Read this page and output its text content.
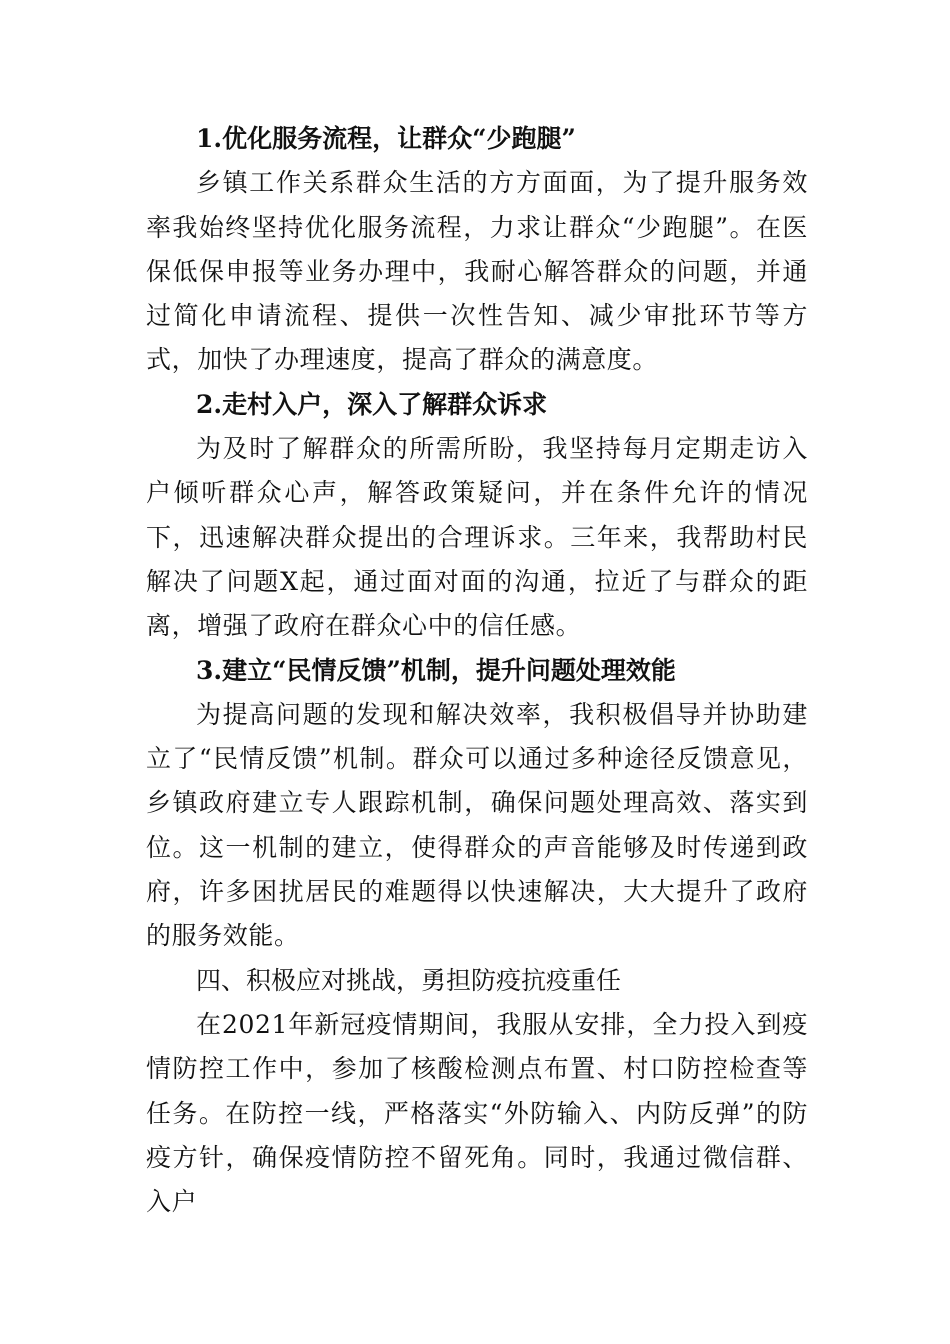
1.优化服务流程，让群众“少跑腿”

乡镇工作关系群众生活的方方面面，为了提升服务效率我始终坚持优化服务流程，力求让群众“少跑腿”。在医保低保申报等业务办理中，我耐心解答群众的问题，并通过简化申请流程、提供一次性告知、减少审批环节等方式，加快了办理速度，提高了群众的满意度。

2.走村入户，深入了解群众诉求

为及时了解群众的所需所盼，我坚持每月定期走访入户倾听群众心声，解答政策疑问，并在条件允许的情况下，迅速解决群众提出的合理诉求。三年来，我帮助村民解决了问题X起，通过面对面的沟通，拉近了与群众的距离，增强了政府在群众心中的信任感。

3.建立“民情反馈”机制，提升问题处理效能

为提高问题的发现和解决效率，我积极倡导并协助建立了“民情反馈”机制。群众可以通过多种途径反馈意见，乡镇政府建立专人跟踪机制，确保问题处理高效、落实到位。这一机制的建立，使得群众的声音能够及时传递到政府，许多困扰居民的难题得以快速解决，大大提升了政府的服务效能。

四、积极应对挑战，勇担防疫抗疫重任

在2021年新冠疫情期间，我服从安排，全力投入到疫情防控工作中，参加了核酸检测点布置、村口防控检查等任务。在防控一线，严格落实“外防输入、内防反弹”的防疫方针，确保疫情防控不留死角。同时，我通过微信群、入户
